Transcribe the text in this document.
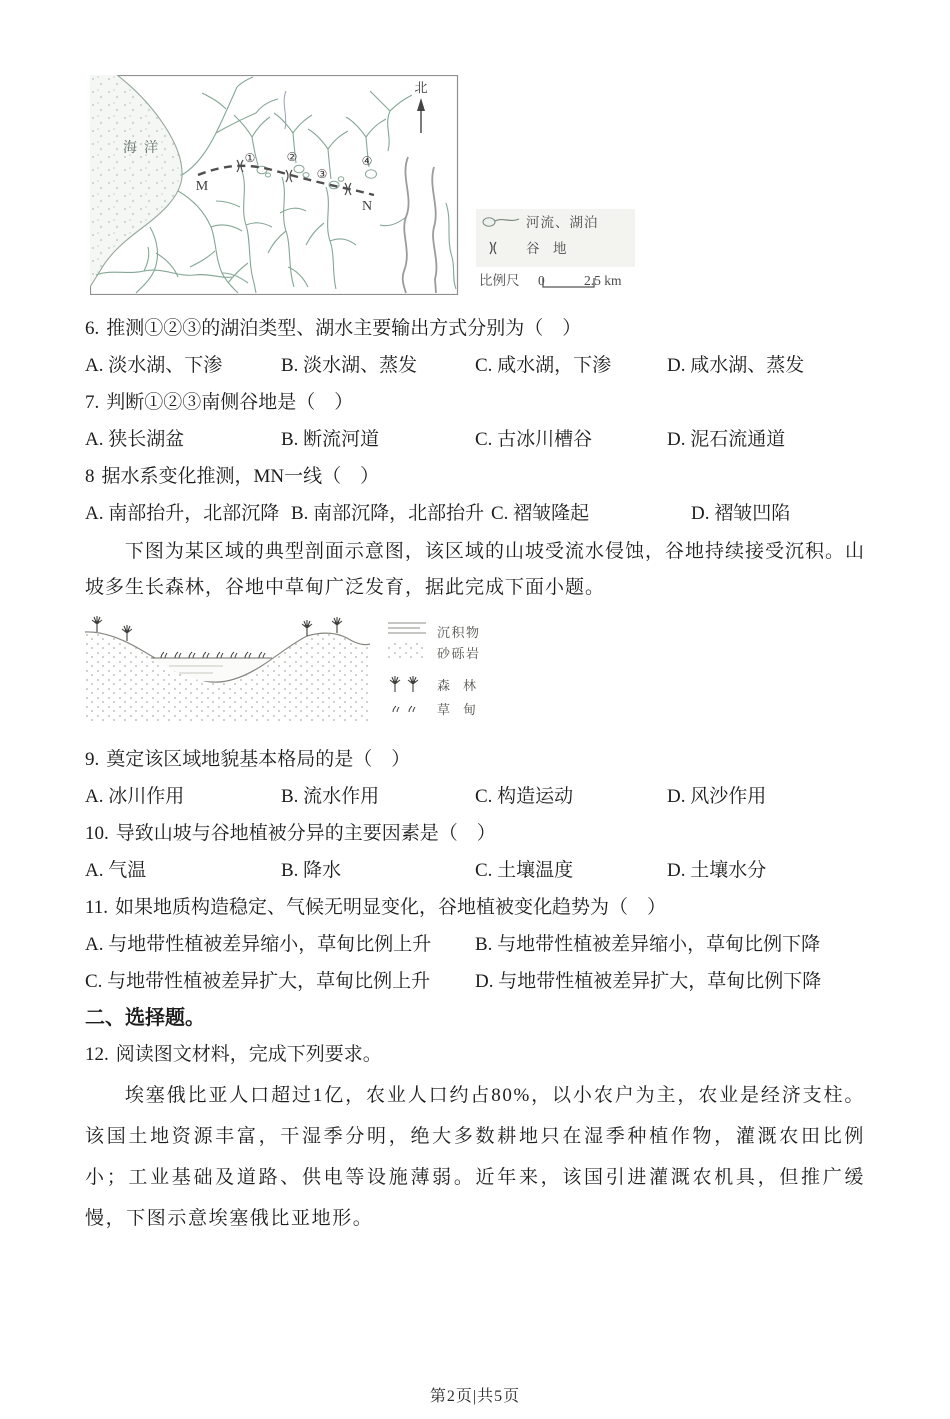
海洋
①	②
③
④
M
N
北
河流、湖泊
谷　地
比例尺 0	2.5 km
6. 推测①②③的湖泊类型、湖水主要输出方式分别为（　）
A. 淡水湖、下渗	B. 淡水湖、蒸发	C. 咸水湖，下渗	D. 咸水湖、蒸发
7. 判断①②③南侧谷地是（　）
A. 狭长湖盆	B. 断流河道	C. 古冰川槽谷	D. 泥石流通道
8 据水系变化推测，MN一线（　）
A. 南部抬升，北部沉降 B. 南部沉降，北部抬升 C. 褶皱隆起	D. 褶皱凹陷

下图为某区域的典型剖面示意图，该区域的山坡受流水侵蚀，谷地持续接受沉积。山坡多生长森林，谷地中草甸广泛发育，据此完成下面小题。

沉积物
砂砾岩
森　林
草　甸
9. 奠定该区域地貌基本格局的是（　）
A. 冰川作用	B. 流水作用	C. 构造运动	D. 风沙作用
10. 导致山坡与谷地植被分异的主要因素是（　）
A. 气温	B. 降水	C. 土壤温度	D. 土壤水分
11. 如果地质构造稳定、气候无明显变化，谷地植被变化趋势为（　）
A. 与地带性植被差异缩小，草甸比例上升	B. 与地带性植被差异缩小，草甸比例下降
C. 与地带性植被差异扩大，草甸比例上升	D. 与地带性植被差异扩大，草甸比例下降
二、选择题。
12. 阅读图文材料，完成下列要求。

埃塞俄比亚人口超过1亿，农业人口约占80%，以小农户为主，农业是经济支柱。该国土地资源丰富，干湿季分明，绝大多数耕地只在湿季种植作物，灌溉农田比例小；工业基础及道路、供电等设施薄弱。近年来，该国引进灌溉农机具，但推广缓慢，下图示意埃塞俄比亚地形。

第2页|共5页
